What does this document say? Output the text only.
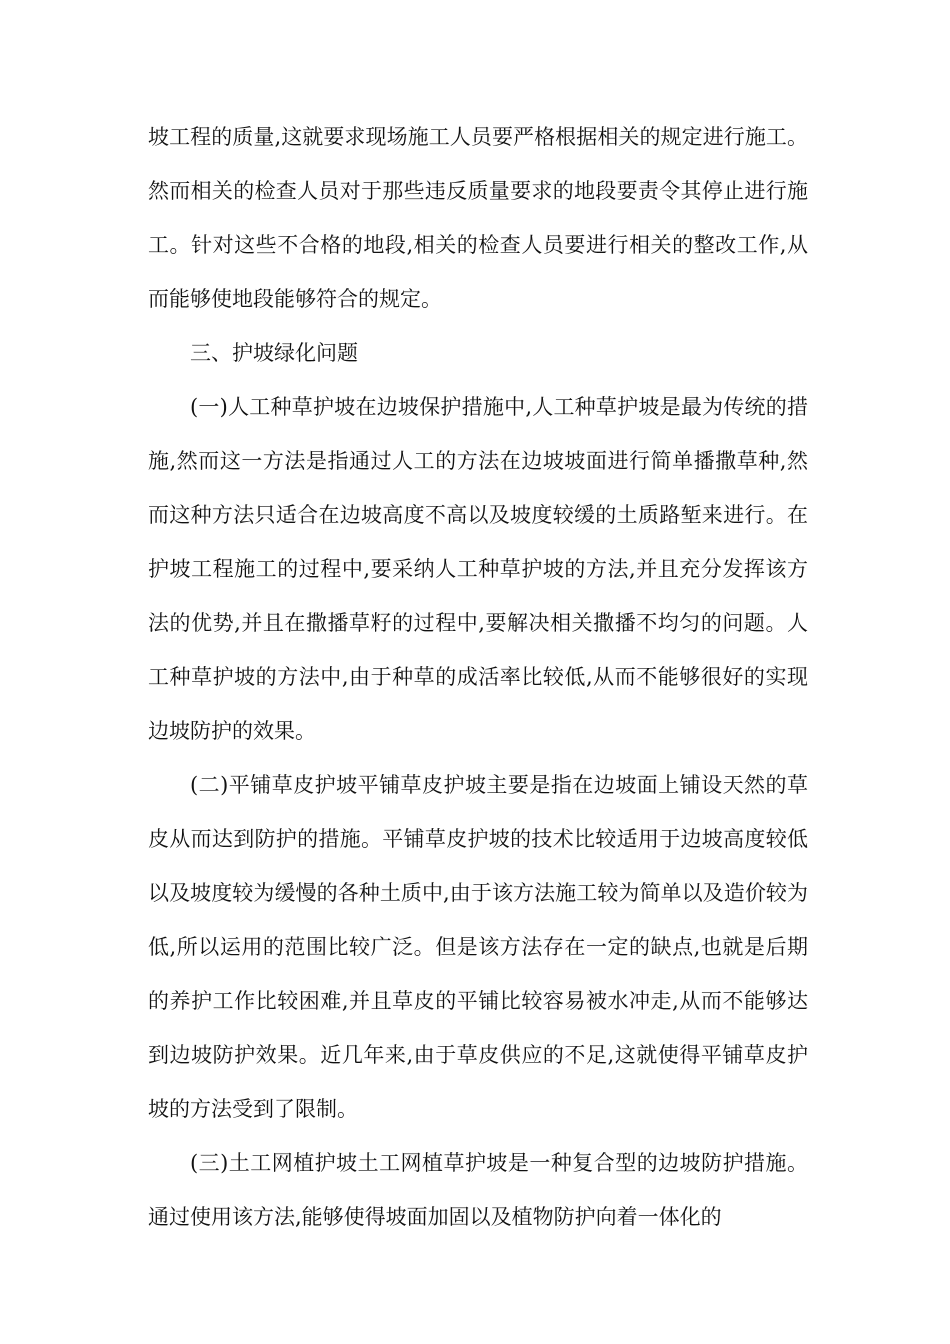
坡工程的质量,这就要求现场施工人员要严格根据相关的规定进行施工。然而相关的检查人员对于那些违反质量要求的地段要责令其停止进行施工。针对这些不合格的地段,相关的检查人员要进行相关的整改工作,从而能够使地段能够符合的规定。

三、护坡绿化问题

(一)人工种草护坡在边坡保护措施中,人工种草护坡是最为传统的措施,然而这一方法是指通过人工的方法在边坡坡面进行简单播撒草种,然而这种方法只适合在边坡高度不高以及坡度较缓的土质路堑来进行。在护坡工程施工的过程中,要采纳人工种草护坡的方法,并且充分发挥该方法的优势,并且在撒播草籽的过程中,要解决相关撒播不均匀的问题。人工种草护坡的方法中,由于种草的成活率比较低,从而不能够很好的实现边坡防护的效果。

(二)平铺草皮护坡平铺草皮护坡主要是指在边坡面上铺设天然的草皮从而达到防护的措施。平铺草皮护坡的技术比较适用于边坡高度较低以及坡度较为缓慢的各种土质中,由于该方法施工较为简单以及造价较为低,所以运用的范围比较广泛。但是该方法存在一定的缺点,也就是后期的养护工作比较困难,并且草皮的平铺比较容易被水冲走,从而不能够达到边坡防护效果。近几年来,由于草皮供应的不足,这就使得平铺草皮护坡的方法受到了限制。

(三)土工网植护坡土工网植草护坡是一种复合型的边坡防护措施。通过使用该方法,能够使得坡面加固以及植物防护向着一体化的
